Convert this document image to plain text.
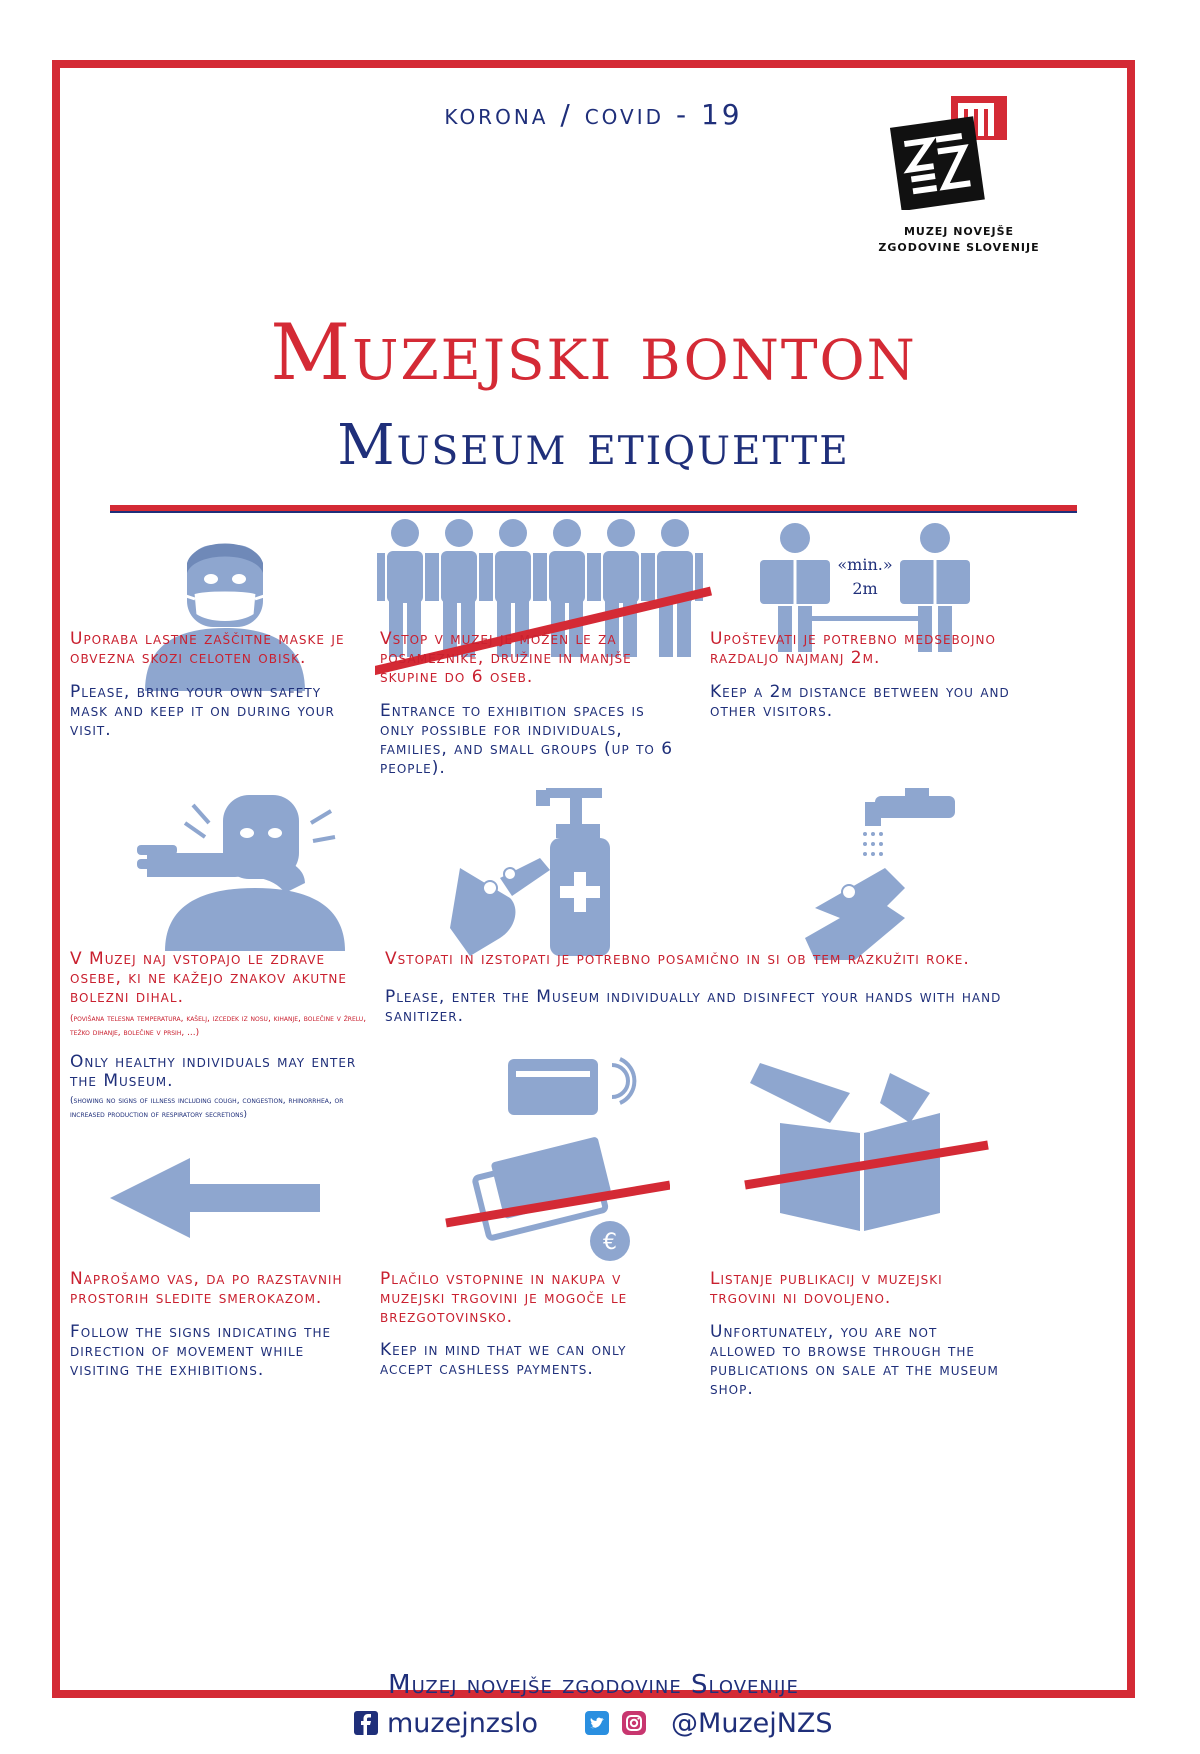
korona / covid - 19
MUZEJ NOVEJŠE
ZGODOVINE SLOVENIJE
Muzejski bonton
Museum etiquette
«min.»
2m
Uporaba lastne zaščitne maske je obvezna skozi celoten obisk.
Please, bring your own safety mask and keep it on during your visit.
Vstop v muzej je možen le za posameznike, družine in manjše skupine do 6 oseb.
Entrance to exhibition spaces is only possible for individuals, families, and small groups (up to 6 people).
Upoštevati je potrebno medsebojno razdaljo najmanj 2m.
Keep a 2m distance between you and other visitors.
V Muzej naj vstopajo le zdrave osebe, ki ne kažejo znakov akutne bolezni dihal.
(povišana telesna temperatura, kašelj, izcedek iz nosu, kihanje, bolečine v žrelu, težko dihanje, bolečine v prsih, ...)
Only healthy individuals may enter the Museum.
(showing no signs of illness including cough, congestion, rhinorrhea, or increased production of respiratory secretions)
Vstopati in izstopati je potrebno posamično in si ob tem razkužiti roke.
Please, enter the Museum individually and disinfect your hands with hand sanitizer.
€
Naprošamo vas, da po razstavnih prostorih sledite smerokazom.
Follow the signs indicating the direction of movement while visiting the exhibitions.
Plačilo vstopnine in nakupa v muzejski trgovini je mogoče le brezgotovinsko.
Keep in mind that we can only accept cashless payments.
Listanje publikacij v muzejski trgovini ni dovoljeno.
Unfortunately, you are not allowed to browse through the publications on sale at the museum shop.
Muzej novejše zgodovine Slovenije
muzejnzslo	@MuzejNZS
